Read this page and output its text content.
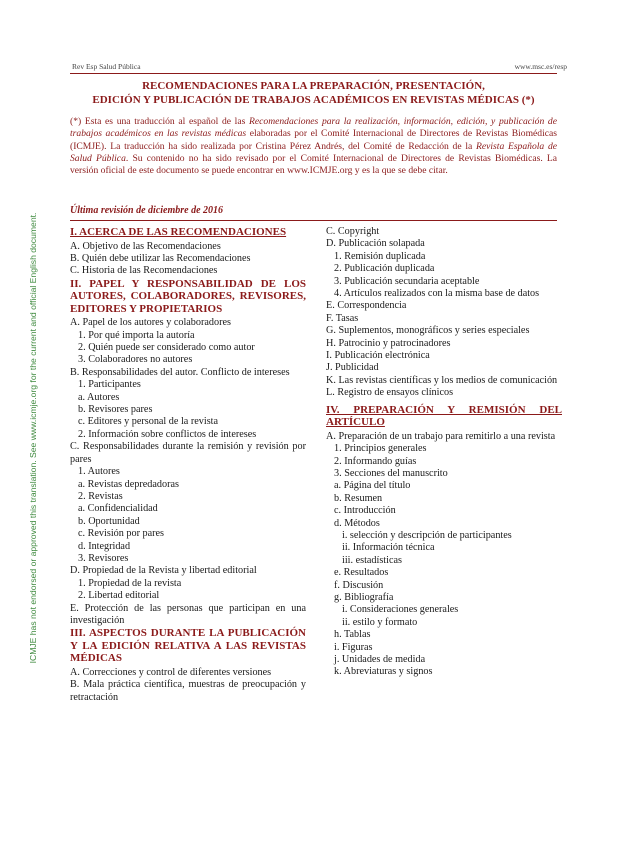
ICMJE has not endorsed or approved this translation. See www.icmje.org for the current and official English document.
Rev Esp Salud Pública	www.msc.es/resp
RECOMENDACIONES PARA LA PREPARACIÓN, PRESENTACIÓN,
EDICIÓN Y PUBLICACIÓN DE TRABAJOS ACADÉMICOS EN REVISTAS MÉDICAS (*)
(*) Esta es una traducción al español de las Recomendaciones para la realización, información, edición, y publicación de trabajos académicos en las revistas médicas elaboradas por el Comité Internacional de Directores de Revistas Biomédicas (ICMJE). La traducción ha sido realizada por Cristina Pérez Andrés, del Comité de Redacción de la Revista Española de Salud Pública. Su contenido no ha sido revisado por el Comité Internacional de Directores de Revistas Biomédicas. La versión oficial de este documento se puede encontrar en www.ICMJE.org y es la que se debe citar.
Última revisión de diciembre de 2016
I. ACERCA DE LAS RECOMENDACIONES
A. Objetivo de las Recomendaciones
B. Quién debe utilizar las Recomendaciones
C. Historia de las Recomendaciones
II. PAPEL Y RESPONSABILIDAD DE LOS AUTORES, COLABORADORES, REVISORES, EDITORES Y PROPIETARIOS
A. Papel de los autores y colaboradores
1. Por qué importa la autoría
2. Quién puede ser considerado como autor
3. Colaboradores no autores
B. Responsabilidades del autor. Conflicto de intereses
1. Participantes
a. Autores
b. Revisores pares
c. Editores y personal de la revista
2. Información sobre conflictos de intereses
C. Responsabilidades durante la remisión y revisión por pares
1. Autores
a. Revistas depredadoras
2. Revistas
a. Confidencialidad
b. Oportunidad
c. Revisión por pares
d. Integridad
3. Revisores
D. Propiedad de la Revista y libertad editorial
1. Propiedad de la revista
2. Libertad editorial
E. Protección de las personas que participan en una investigación
III. ASPECTOS DURANTE LA PUBLICACIÓN Y LA EDICIÓN RELATIVA A LAS REVISTAS MÉDICAS
A. Correcciones y control de diferentes versiones
B. Mala práctica científica, muestras de preocupación y retractación
C. Copyright
D. Publicación solapada
1. Remisión duplicada
2. Publicación duplicada
3. Publicación secundaria aceptable
4. Artículos realizados con la misma base de datos
E. Correspondencia
F. Tasas
G. Suplementos, monográficos y series especiales
H. Patrocinio y patrocinadores
I. Publicación electrónica
J. Publicidad
K. Las revistas científicas y los medios de comunicación
L. Registro de ensayos clínicos
IV. PREPARACIÓN Y REMISIÓN DEL ARTÍCULO
A. Preparación de un trabajo para remitirlo a una revista
1. Principios generales
2. Informando guías
3. Secciones del manuscrito
a. Página del título
b. Resumen
c. Introducción
d. Métodos
i. selección y descripción de participantes
ii. Información técnica
iii. estadísticas
e. Resultados
f. Discusión
g. Bibliografía
i. Consideraciones generales
ii. estilo y formato
h. Tablas
i. Figuras
j. Unidades de medida
k. Abreviaturas y signos
